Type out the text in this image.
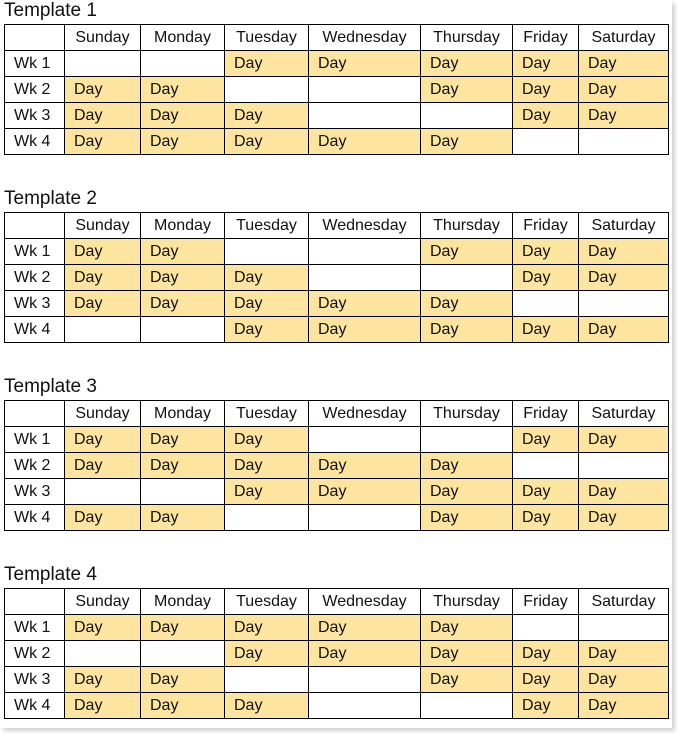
Template 1
	Sunday	Monday	Tuesday	Wednesday	Thursday	Friday	Saturday
Wk 1			Day	Day	Day	Day	Day
Wk 2	Day	Day			Day	Day	Day
Wk 3	Day	Day	Day			Day	Day
Wk 4	Day	Day	Day	Day	Day		
Template 2
	Sunday	Monday	Tuesday	Wednesday	Thursday	Friday	Saturday
Wk 1	Day	Day			Day	Day	Day
Wk 2	Day	Day	Day			Day	Day
Wk 3	Day	Day	Day	Day	Day		
Wk 4			Day	Day	Day	Day	Day
Template 3
	Sunday	Monday	Tuesday	Wednesday	Thursday	Friday	Saturday
Wk 1	Day	Day	Day			Day	Day
Wk 2	Day	Day	Day	Day	Day		
Wk 3			Day	Day	Day	Day	Day
Wk 4	Day	Day			Day	Day	Day
Template 4
	Sunday	Monday	Tuesday	Wednesday	Thursday	Friday	Saturday
Wk 1	Day	Day	Day	Day	Day		
Wk 2			Day	Day	Day	Day	Day
Wk 3	Day	Day			Day	Day	Day
Wk 4	Day	Day	Day			Day	Day
